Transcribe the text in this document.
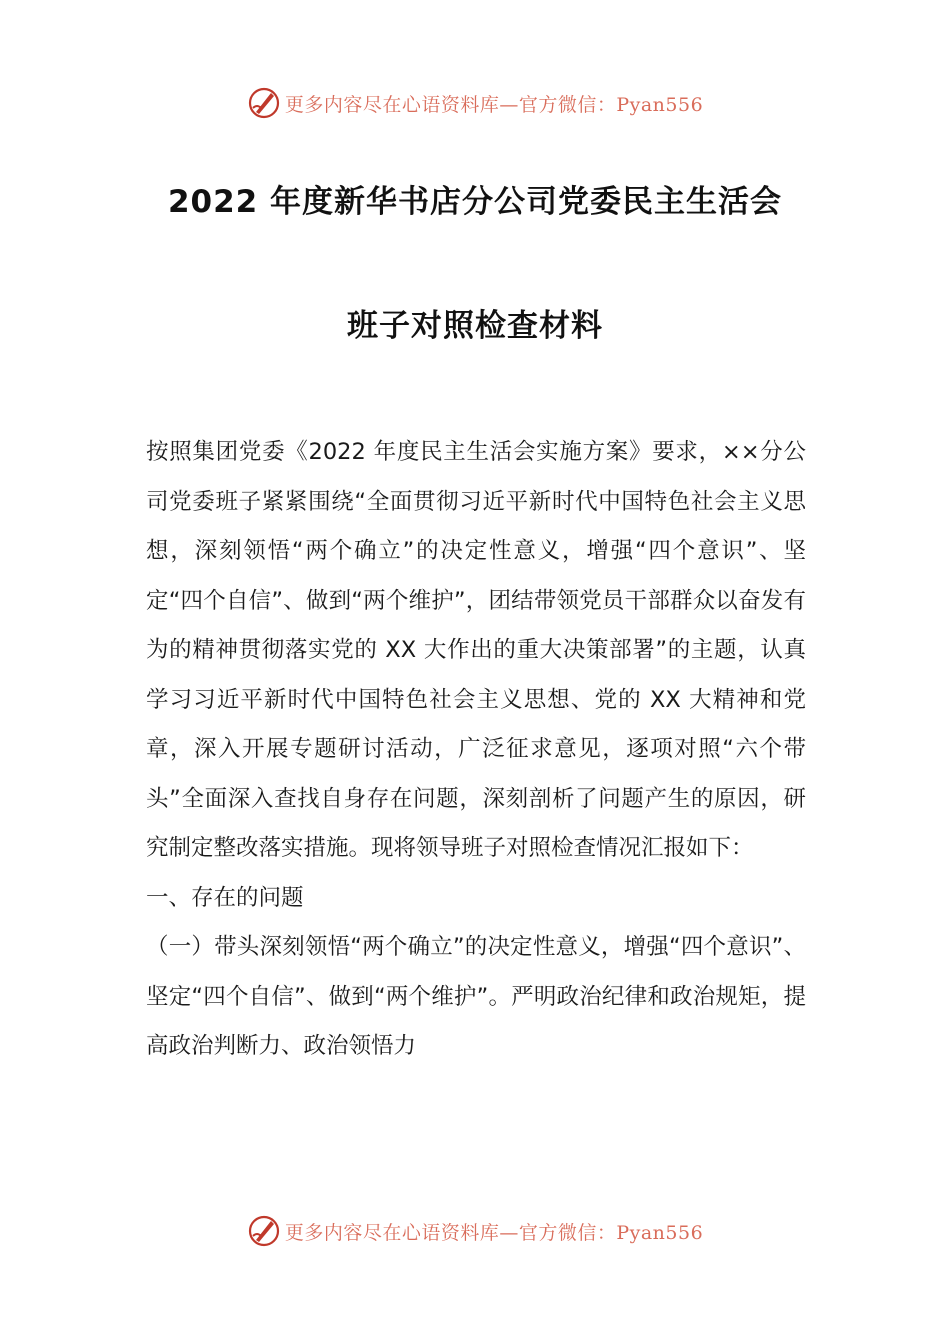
更多内容尽在心语资料库—官方微信：Pyan556
2022 年度新华书店分公司党委民主生活会
班子对照检查材料

按照集团党委《2022 年度民主生活会实施方案》要求，××分公司党委班子紧紧围绕“全面贯彻习近平新时代中国特色社会主义思想，深刻领悟“两个确立”的决定性意义，增强“四个意识”、坚定“四个自信”、做到“两个维护”，团结带领党员干部群众以奋发有为的精神贯彻落实党的 XX 大作出的重大决策部署”的主题，认真学习习近平新时代中国特色社会主义思想、党的 XX 大精神和党章，深入开展专题研讨活动，广泛征求意见，逐项对照“六个带头”全面深入查找自身存在问题，深刻剖析了问题产生的原因，研究制定整改落实措施。现将领导班子对照检查情况汇报如下：

一、存在的问题

（一）带头深刻领悟“两个确立”的决定性意义，增强“四个意识”、坚定“四个自信”、做到“两个维护”。严明政治纪律和政治规矩，提高政治判断力、政治领悟力

更多内容尽在心语资料库—官方微信：Pyan556
